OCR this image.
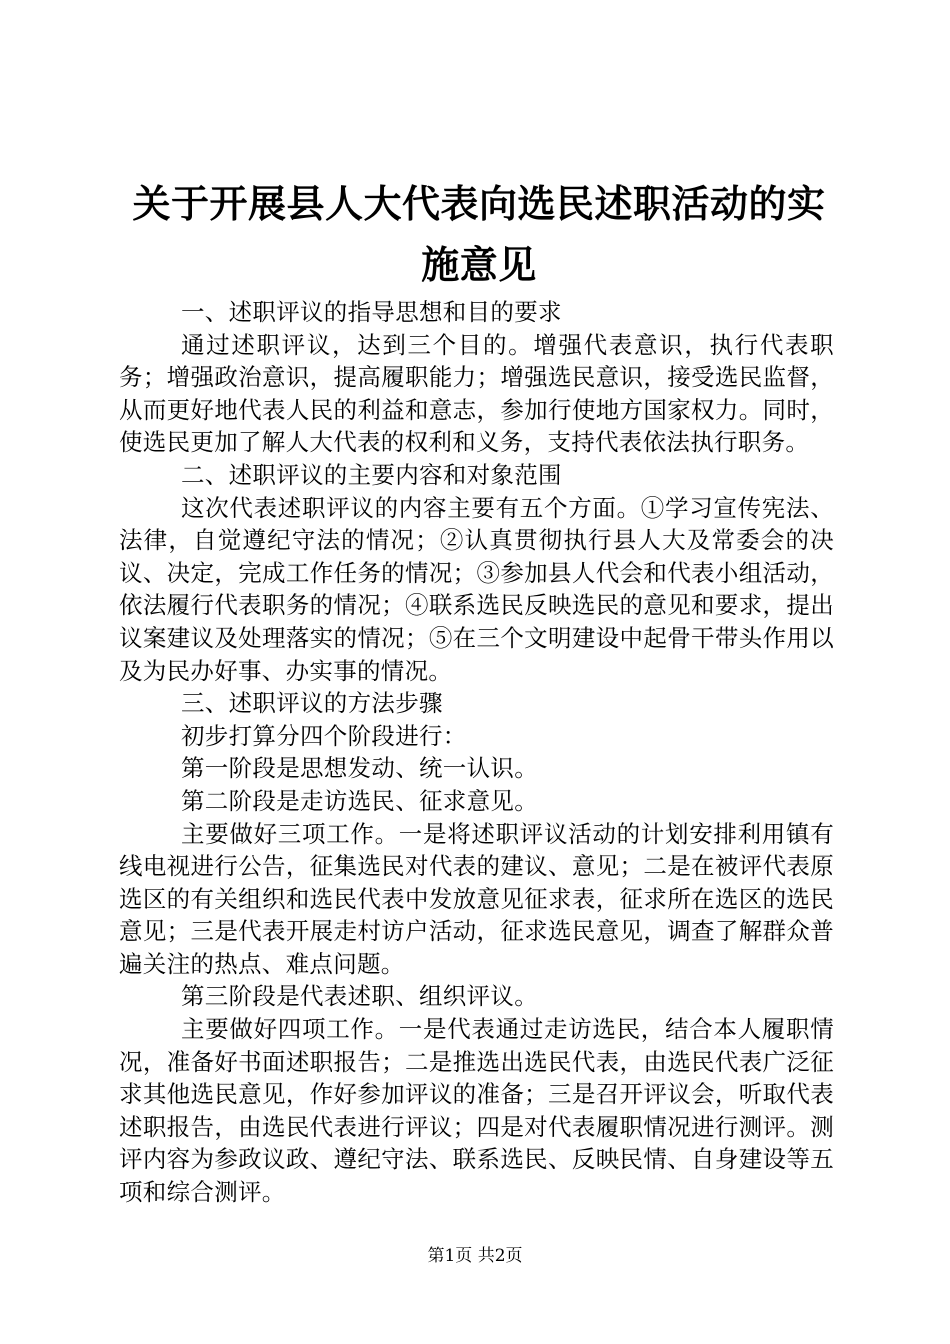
关于开展县人大代表向选民述职活动的实施意见

一、述职评议的指导思想和目的要求

通过述职评议，达到三个目的。增强代表意识，执行代表职务；增强政治意识，提高履职能力；增强选民意识，接受选民监督，从而更好地代表人民的利益和意志，参加行使地方国家权力。同时，使选民更加了解人大代表的权利和义务，支持代表依法执行职务。

二、述职评议的主要内容和对象范围

这次代表述职评议的内容主要有五个方面。①学习宣传宪法、法律，自觉遵纪守法的情况；②认真贯彻执行县人大及常委会的决议、决定，完成工作任务的情况；③参加县人代会和代表小组活动，依法履行代表职务的情况；④联系选民反映选民的意见和要求，提出议案建议及处理落实的情况；⑤在三个文明建设中起骨干带头作用以及为民办好事、办实事的情况。

三、述职评议的方法步骤

初步打算分四个阶段进行：

第一阶段是思想发动、统一认识。

第二阶段是走访选民、征求意见。

主要做好三项工作。一是将述职评议活动的计划安排利用镇有线电视进行公告，征集选民对代表的建议、意见；二是在被评代表原选区的有关组织和选民代表中发放意见征求表，征求所在选区的选民意见；三是代表开展走村访户活动，征求选民意见，调查了解群众普遍关注的热点、难点问题。

第三阶段是代表述职、组织评议。

主要做好四项工作。一是代表通过走访选民，结合本人履职情况，准备好书面述职报告；二是推选出选民代表，由选民代表广泛征求其他选民意见，作好参加评议的准备；三是召开评议会，听取代表述职报告，由选民代表进行评议；四是对代表履职情况进行测评。测评内容为参政议政、遵纪守法、联系选民、反映民情、自身建设等五项和综合测评。

第1页 共2页
